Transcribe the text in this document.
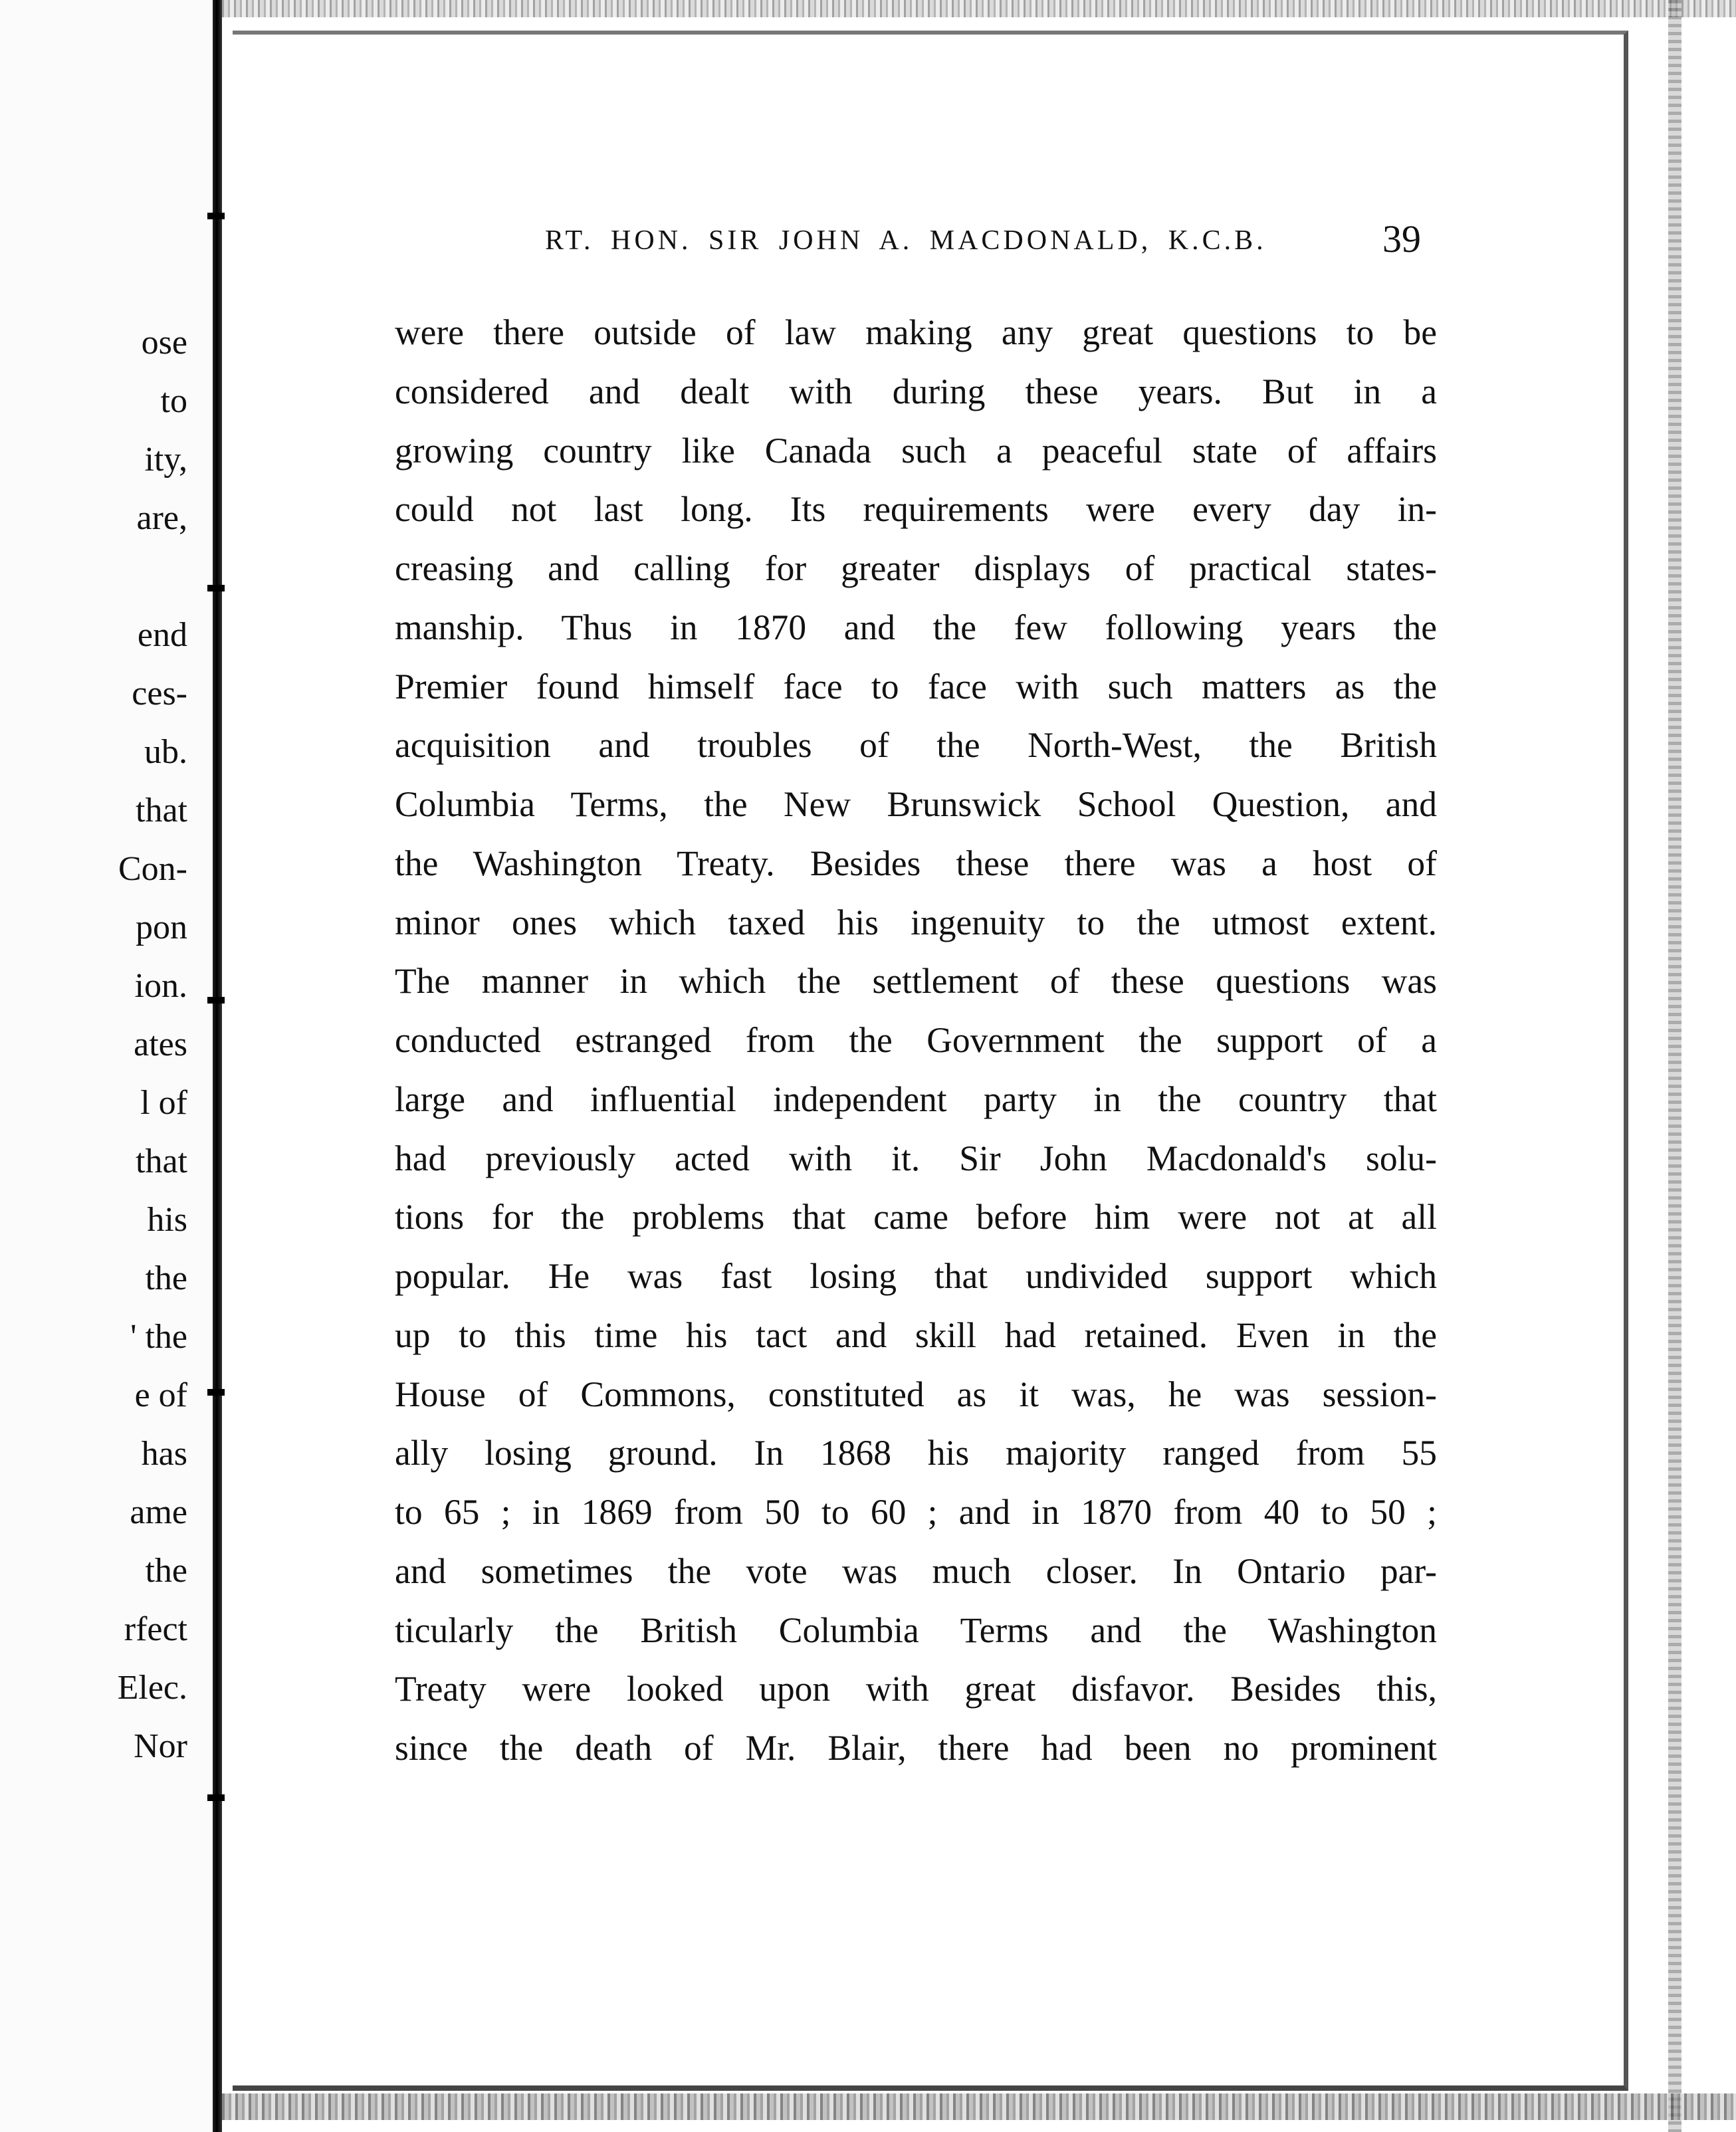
ose
to
ity,
are,
end
ces-
ub.
that
Con-
pon
ion.
ates
l of
that
his
the
' the
e of
has
ame
the
rfect
Elec.
Nor
RT. HON. SIR JOHN A. MACDONALD, K.C.B.	39
were there outside of law making any great questions to be
considered and dealt with during these years. But in a
growing country like Canada such a peaceful state of affairs
could not last long. Its requirements were every day in-
creasing and calling for greater displays of practical states-
manship. Thus in 1870 and the few following years the
Premier found himself face to face with such matters as the
acquisition and troubles of the North-West, the British
Columbia Terms, the New Brunswick School Question, and
the Washington Treaty. Besides these there was a host of
minor ones which taxed his ingenuity to the utmost extent.
The manner in which the settlement of these questions was
conducted estranged from the Government the support of a
large and influential independent party in the country that
had previously acted with it. Sir John Macdonald's solu-
tions for the problems that came before him were not at all
popular. He was fast losing that undivided support which
up to this time his tact and skill had retained. Even in the
House of Commons, constituted as it was, he was session-
ally losing ground. In 1868 his majority ranged from 55
to 65 ; in 1869 from 50 to 60 ; and in 1870 from 40 to 50 ;
and sometimes the vote was much closer. In Ontario par-
ticularly the British Columbia Terms and the Washington
Treaty were looked upon with great disfavor. Besides this,
since the death of Mr. Blair, there had been no prominent
